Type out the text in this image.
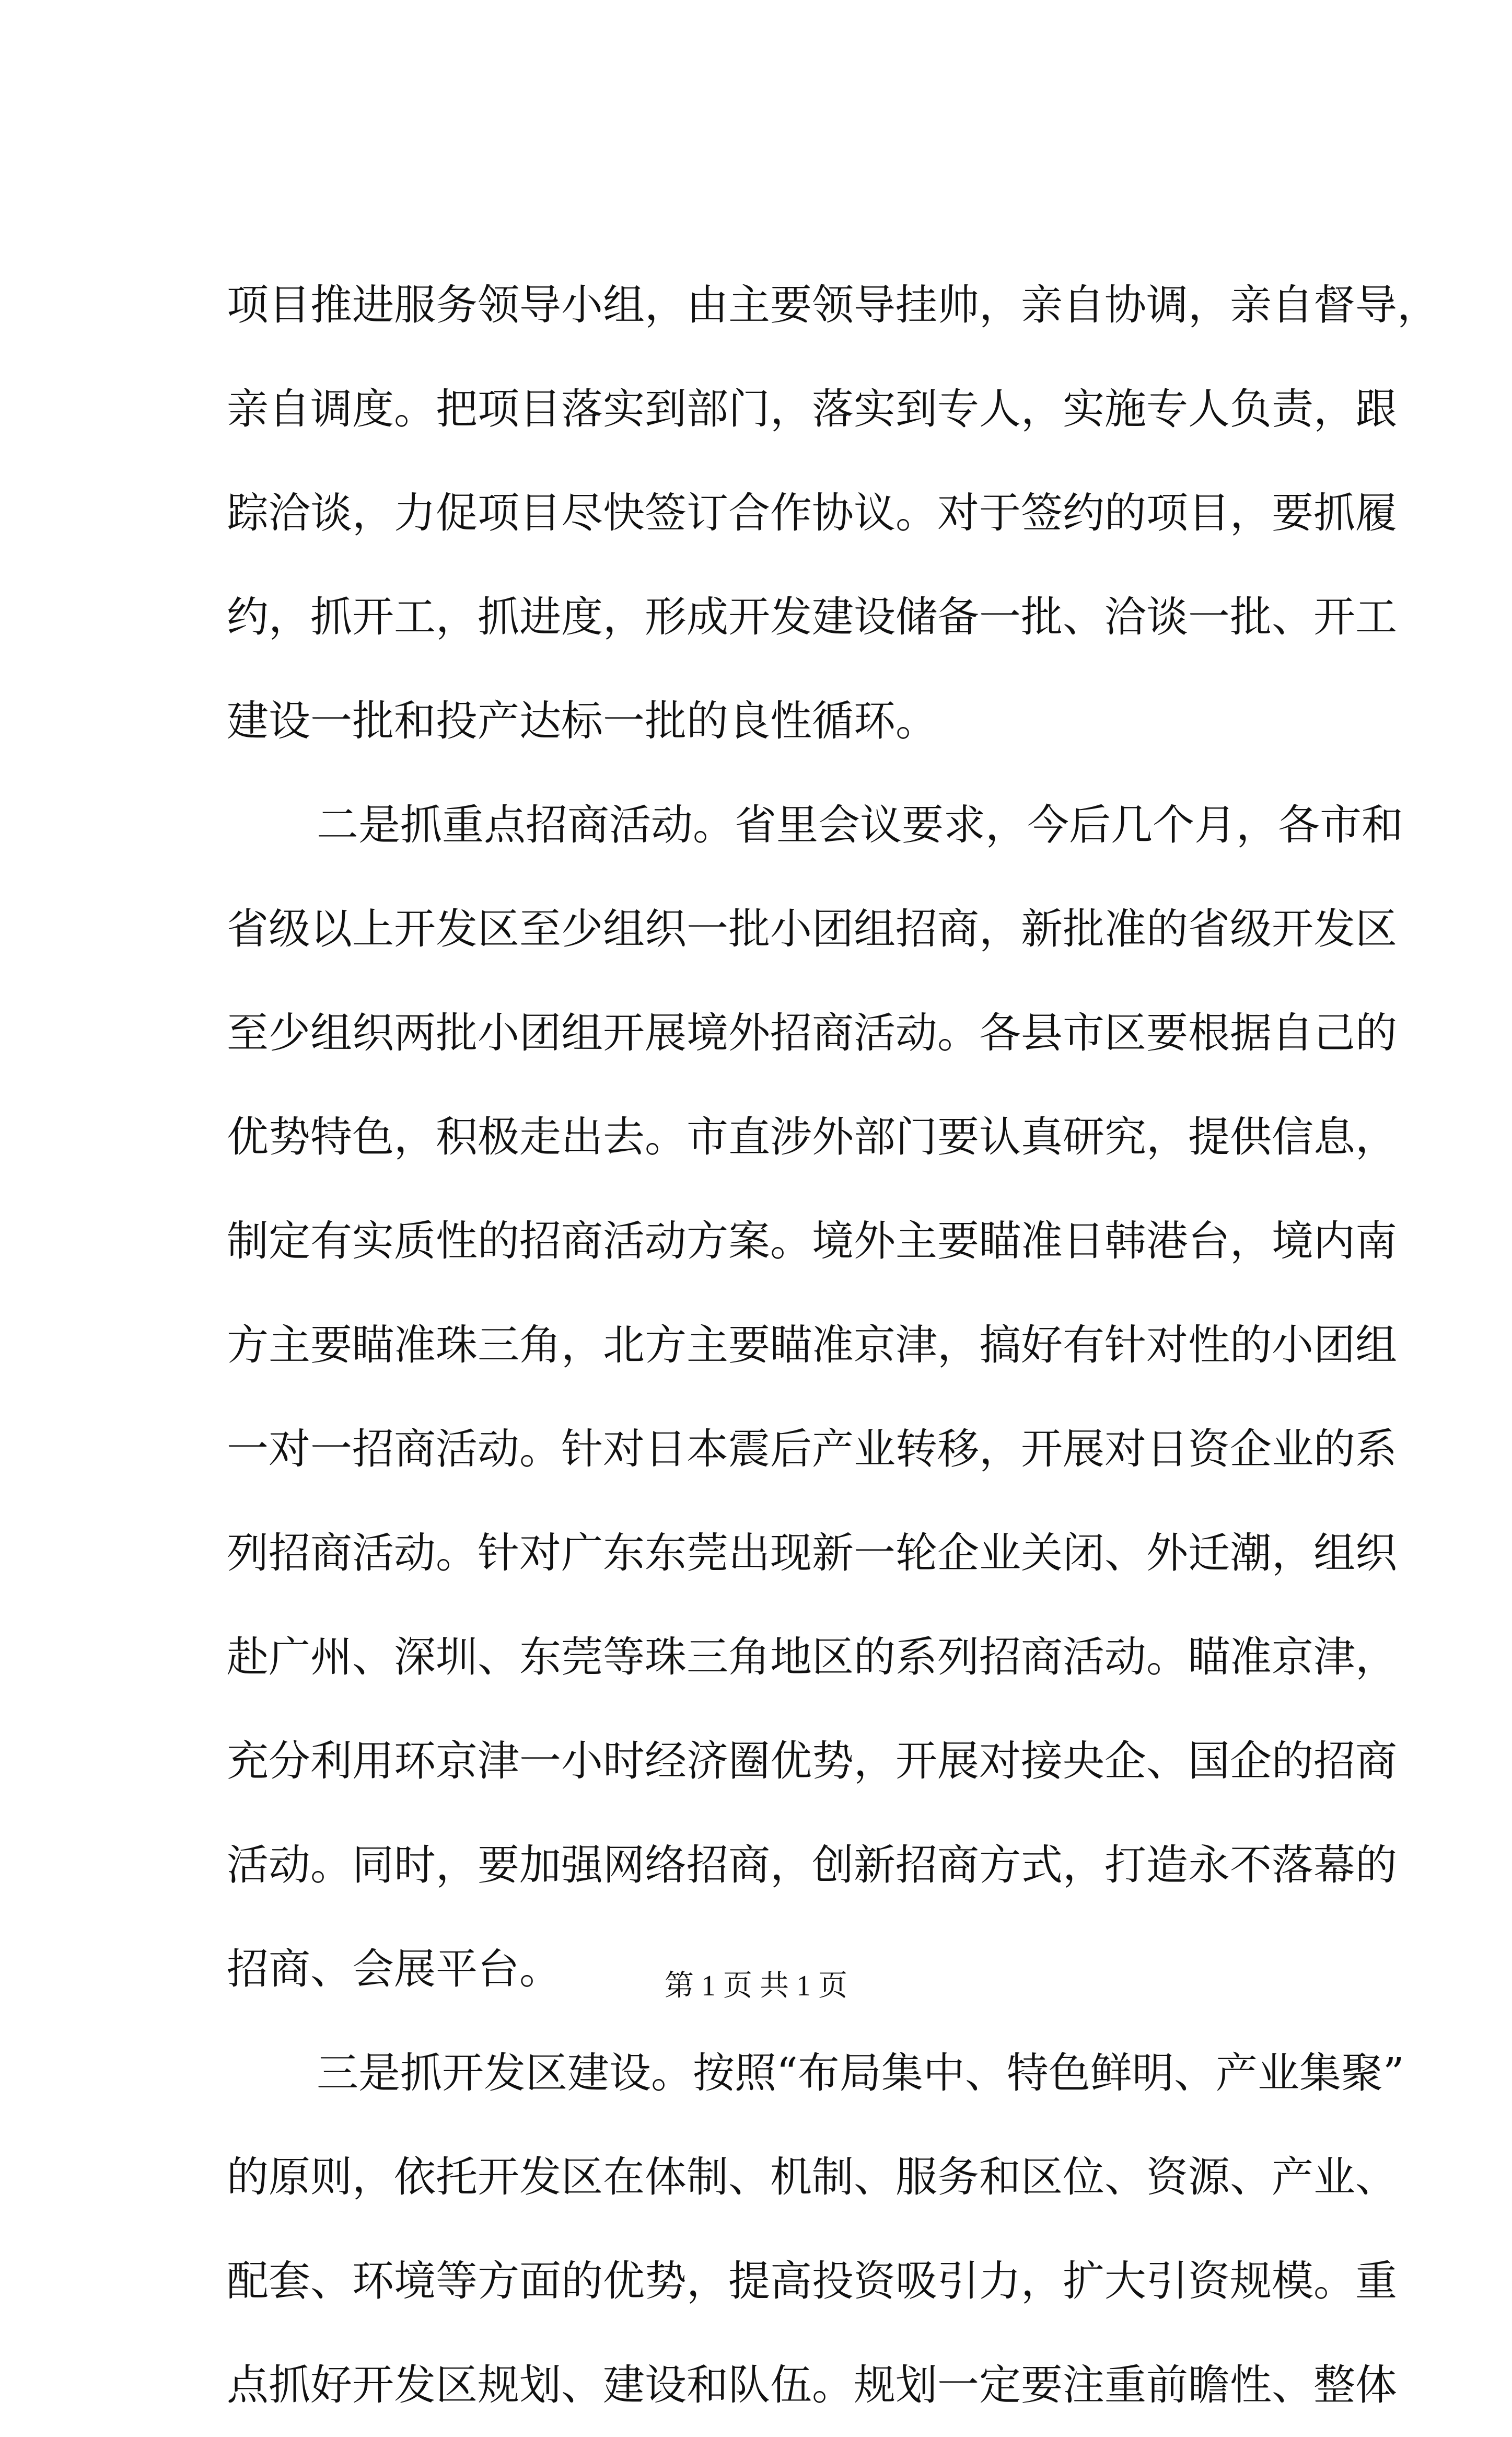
项目推进服务领导小组，由主要领导挂帅，亲自协调，亲自督导，
亲自调度。把项目落实到部门，落实到专人，实施专人负责，跟
踪洽谈，力促项目尽快签订合作协议。对于签约的项目，要抓履
约，抓开工，抓进度，形成开发建设储备一批、洽谈一批、开工
建设一批和投产达标一批的良性循环。
二是抓重点招商活动。省里会议要求，今后几个月，各市和
省级以上开发区至少组织一批小团组招商，新批准的省级开发区
至少组织两批小团组开展境外招商活动。各县市区要根据自己的
优势特色，积极走出去。市直涉外部门要认真研究，提供信息，
制定有实质性的招商活动方案。境外主要瞄准日韩港台，境内南
方主要瞄准珠三角，北方主要瞄准京津，搞好有针对性的小团组
一对一招商活动。针对日本震后产业转移，开展对日资企业的系
列招商活动。针对广东东莞出现新一轮企业关闭、外迁潮，组织
赴广州、深圳、东莞等珠三角地区的系列招商活动。瞄准京津，
充分利用环京津一小时经济圈优势，开展对接央企、国企的招商
活动。同时，要加强网络招商，创新招商方式，打造永不落幕的
招商、会展平台。
三是抓开发区建设。按照“布局集中、特色鲜明、产业集聚”
的原则，依托开发区在体制、机制、服务和区位、资源、产业、
配套、环境等方面的优势，提高投资吸引力，扩大引资规模。重
点抓好开发区规划、建设和队伍。规划一定要注重前瞻性、整体
第 1 页 共 1 页
